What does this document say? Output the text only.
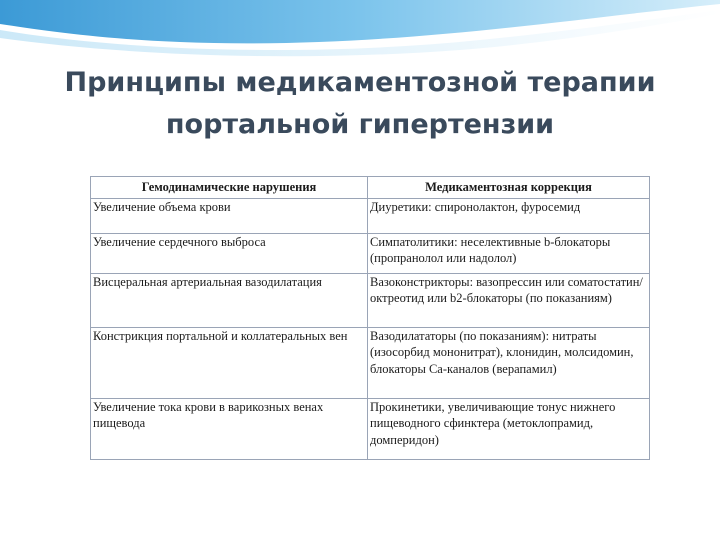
Принципы медикаментозной терапии
портальной гипертензии
Гемодинамические нарушения	Медикаментозная коррекция
Увеличение объема крови	Диуретики: спиронолактон, фуросемид
Увеличение сердечного выброса	Симпатолитики: неселективные b-блокаторы (пропранолол или надолол)
Висцеральная артериальная вазодилатация	Вазоконстрикторы: вазопрессин или соматостатин/октреотид или b2-блокаторы (по показаниям)
Констрикция портальной и коллатеральных вен	Вазодилататоры (по показаниям): нитраты (изосорбид мононитрат), клонидин, молсидомин, блокаторы Са-каналов (верапамил)
Увеличение тока крови в варикозных венах пищевода	Прокинетики, увеличивающие тонус нижнего пищеводного сфинктера (метоклопрамид, домперидон)
